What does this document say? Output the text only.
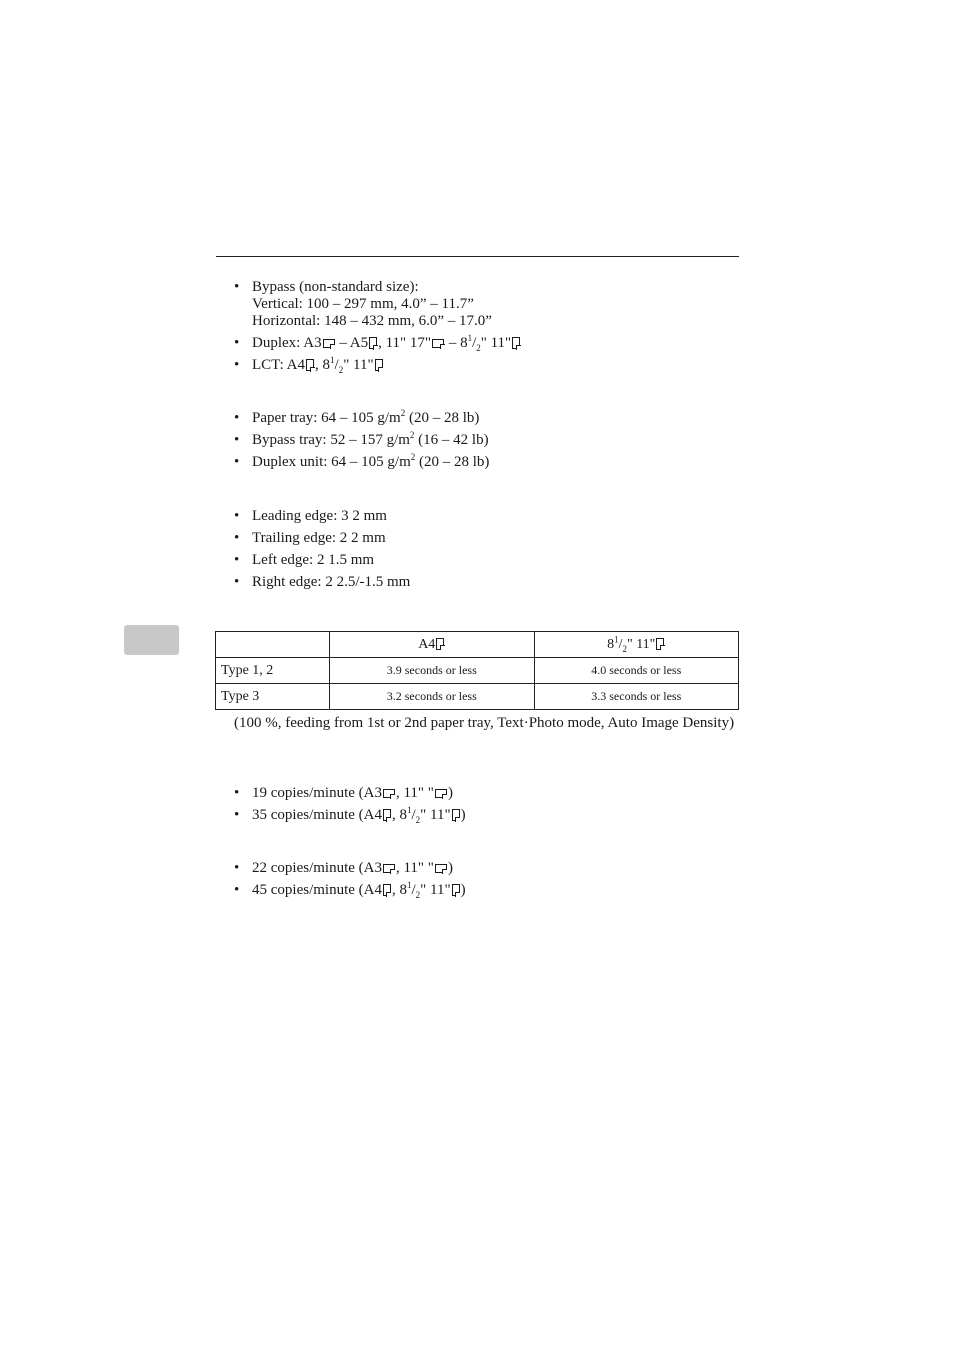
• Bypass (non-standard size):
Vertical: 100 – 297 mm, 4.0” – 11.7”
Horizontal: 148 – 432 mm, 6.0” – 17.0”
• Duplex: A3 – A5 , 11" 17" – $8^1/_2$" 11"
• LCT: A4 , $8^1/_2$" 11"
• Paper tray: 64 – 105 $g/m^2$ (20 – 28 lb)
• Bypass tray: 52 – 157 $g/m^2$ (16 – 42 lb)
• Duplex unit: 64 – 105 $g/m^2$ (20 – 28 lb)
• Leading edge: 3 2 mm
• Trailing edge: 2 2 mm
• Left edge: 2 1.5 mm
• Right edge: 2 2.5/-1.5 mm
	A4	$8^1/_2$" 11"
Type 1, 2	3.9 seconds or less	4.0 seconds or less
Type 3	3.2 seconds or less	3.3 seconds or less
(100 %, feeding from 1st or 2nd paper tray, Text·Photo mode, Auto Image Density)
• 19 copies/minute (A3 , 11" " )
• 35 copies/minute (A4 , $8^1/_2$" 11" )
• 22 copies/minute (A3 , 11" " )
• 45 copies/minute (A4 , $8^1/_2$" 11" )
